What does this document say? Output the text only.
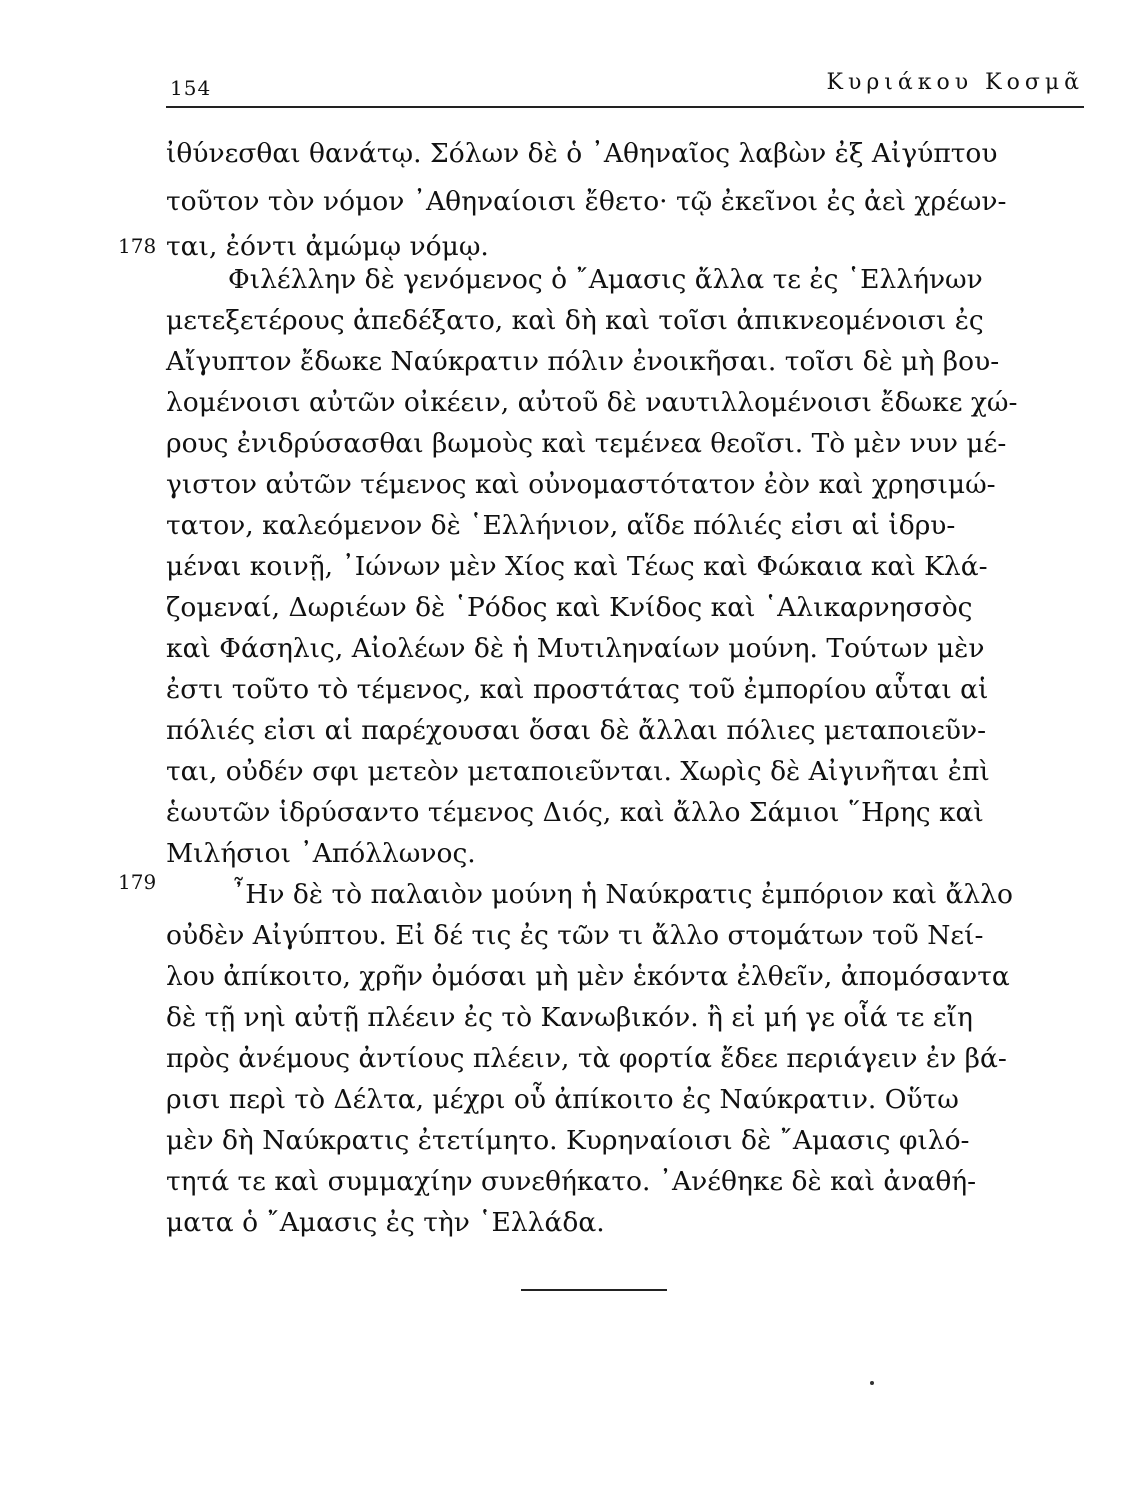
154	Κυριάκου Κοσμᾶ
178
179
ἰθύνεσθαι θανάτῳ. Σόλων δὲ ὁ ᾿Αθηναῖος λαβὼν ἐξ Αἰγύπτου
τοῦτον τὸν νόμον ᾿Αθηναίοισι ἔθετο· τῷ ἐκεῖνοι ἐς ἀεὶ χρέων-
ται, ἐόντι ἀμώμῳ νόμῳ.
Φιλέλλην δὲ γενόμενος ὁ ῎Αμασις ἄλλα τε ἐς ῾Ελλήνων
μετεξετέρους ἀπεδέξατο, καὶ δὴ καὶ τοῖσι ἀπικνεομένοισι ἐς
Αἴγυπτον ἔδωκε Ναύκρατιν πόλιν ἐνοικῆσαι. τοῖσι δὲ μὴ βου-
λομένοισι αὐτῶν οἰκέειν, αὐτοῦ δὲ ναυτιλλομένοισι ἔδωκε χώ-
ρους ἐνιδρύσασθαι βωμοὺς καὶ τεμένεα θεοῖσι. Τὸ μὲν νυν μέ-
γιστον αὐτῶν τέμενος καὶ οὐνομαστότατον ἐὸν καὶ χρησιμώ-
τατον, καλεόμενον δὲ ῾Ελλήνιον, αἵδε πόλιές εἰσι αἱ ἱδρυ-
μέναι κοινῇ, ᾿Ιώνων μὲν Χίος καὶ Τέως καὶ Φώκαια καὶ Κλά-
ζομεναί, Δωριέων δὲ ῾Ρόδος καὶ Κνίδος καὶ ῾Αλικαρνησσὸς
καὶ Φάσηλις, Αἰολέων δὲ ἡ Μυτιληναίων μούνη. Τούτων μὲν
ἐστι τοῦτο τὸ τέμενος, καὶ προστάτας τοῦ ἐμπορίου αὗται αἱ
πόλιές εἰσι αἱ παρέχουσαι ὅσαι δὲ ἄλλαι πόλιες μεταποιεῦν-
ται, οὐδέν σφι μετεὸν μεταποιεῦνται. Χωρὶς δὲ Αἰγινῆται ἐπὶ
ἑωυτῶν ἱδρύσαντο τέμενος Διός, καὶ ἄλλο Σάμιοι ῞Ηρης καὶ
Μιλήσιοι ᾿Απόλλωνος.
῏Ην δὲ τὸ παλαιὸν μούνη ἡ Ναύκρατις ἐμπόριον καὶ ἄλλο
οὐδὲν Αἰγύπτου. Εἰ δέ τις ἐς τῶν τι ἄλλο στομάτων τοῦ Νεί-
λου ἀπίκοιτο, χρῆν ὀμόσαι μὴ μὲν ἑκόντα ἐλθεῖν, ἀπομόσαντα
δὲ τῇ νηὶ αὐτῇ πλέειν ἐς τὸ Κανωβικόν. ἢ εἰ μή γε οἷά τε εἴη
πρὸς ἀνέμους ἀντίους πλέειν, τὰ φορτία ἔδεε περιάγειν ἐν βά-
ρισι περὶ τὸ Δέλτα, μέχρι οὗ ἀπίκοιτο ἐς Ναύκρατιν. Οὕτω
μὲν δὴ Ναύκρατις ἐτετίμητο. Κυρηναίοισι δὲ ῎Αμασις φιλό-
τητά τε καὶ συμμαχίην συνεθήκατο. ᾿Ανέθηκε δὲ καὶ ἀναθή-
ματα ὁ ῎Αμασις ἐς τὴν ῾Ελλάδα.
